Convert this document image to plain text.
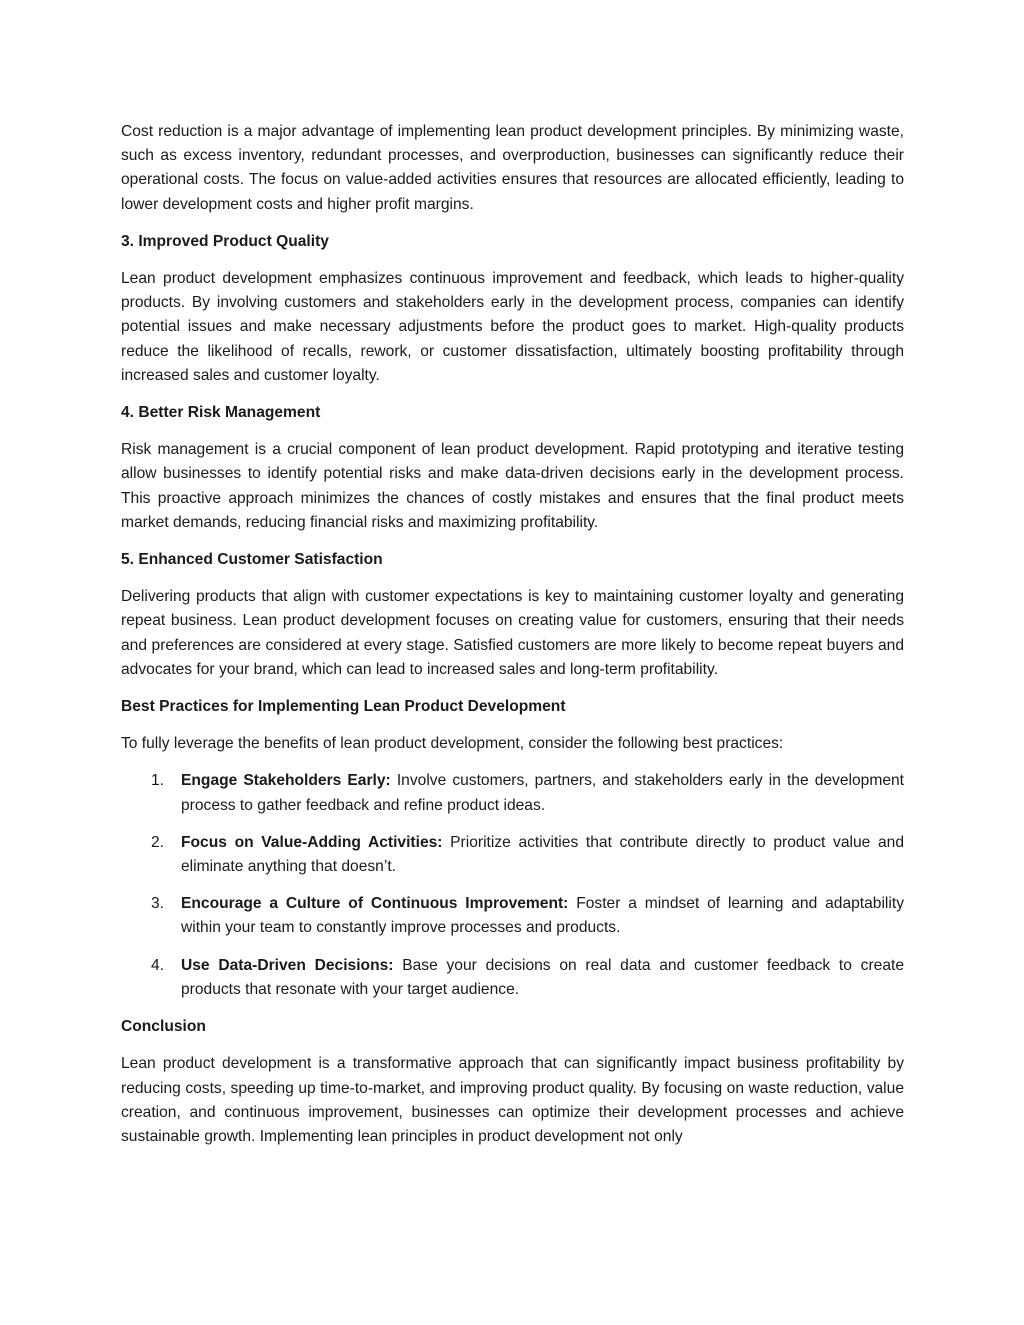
Cost reduction is a major advantage of implementing lean product development principles. By minimizing waste, such as excess inventory, redundant processes, and overproduction, businesses can significantly reduce their operational costs. The focus on value-added activities ensures that resources are allocated efficiently, leading to lower development costs and higher profit margins.

3. Improved Product Quality

Lean product development emphasizes continuous improvement and feedback, which leads to higher-quality products. By involving customers and stakeholders early in the development process, companies can identify potential issues and make necessary adjustments before the product goes to market. High-quality products reduce the likelihood of recalls, rework, or customer dissatisfaction, ultimately boosting profitability through increased sales and customer loyalty.

4. Better Risk Management

Risk management is a crucial component of lean product development. Rapid prototyping and iterative testing allow businesses to identify potential risks and make data-driven decisions early in the development process. This proactive approach minimizes the chances of costly mistakes and ensures that the final product meets market demands, reducing financial risks and maximizing profitability.

5. Enhanced Customer Satisfaction

Delivering products that align with customer expectations is key to maintaining customer loyalty and generating repeat business. Lean product development focuses on creating value for customers, ensuring that their needs and preferences are considered at every stage. Satisfied customers are more likely to become repeat buyers and advocates for your brand, which can lead to increased sales and long-term profitability.

Best Practices for Implementing Lean Product Development

To fully leverage the benefits of lean product development, consider the following best practices:

1. Engage Stakeholders Early: Involve customers, partners, and stakeholders early in the development process to gather feedback and refine product ideas.
2. Focus on Value-Adding Activities: Prioritize activities that contribute directly to product value and eliminate anything that doesn’t.
3. Encourage a Culture of Continuous Improvement: Foster a mindset of learning and adaptability within your team to constantly improve processes and products.
4. Use Data-Driven Decisions: Base your decisions on real data and customer feedback to create products that resonate with your target audience.

Conclusion

Lean product development is a transformative approach that can significantly impact business profitability by reducing costs, speeding up time-to-market, and improving product quality. By focusing on waste reduction, value creation, and continuous improvement, businesses can optimize their development processes and achieve sustainable growth. Implementing lean principles in product development not only
